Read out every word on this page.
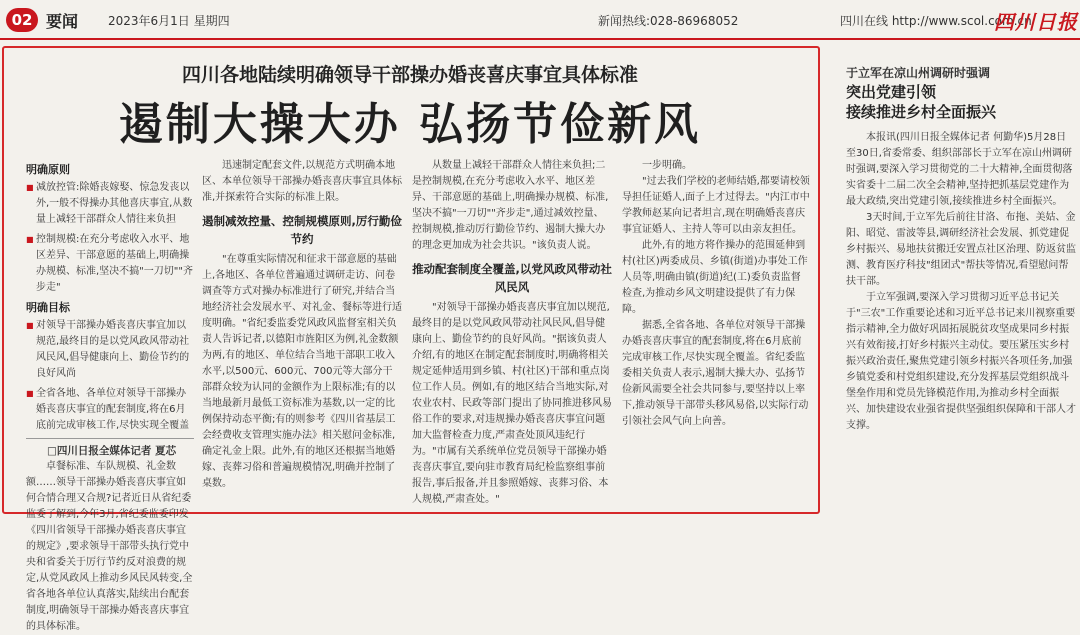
02 要闻 2023年6月1日 星期四	新闻热线:028-86968052	四川在线 http://www.scol.com.cn
四川日报
四川各地陆续明确领导干部操办婚丧喜庆事宜具体标准
遏制大操大办 弘扬节俭新风
明确原则

■ 减放控管:除婚丧嫁娶、惊急发丧以外,一般不得操办其他喜庆事宜,从数量上减轻干部群众人情往来负担

■ 控制规模:在充分考虑收入水平、地区差异、干部意愿的基础上,明确操办规模、标准,坚决不搞"一刀切""齐步走"

明确目标

■ 对领导干部操办婚丧喜庆事宜加以规范,最终目的是以党风政风带动社风民风,倡导健康向上、勤俭节约的良好风尚

■ 全省各地、各单位对领导干部操办婚丧喜庆事宜的配套制度,将在6月底前完成审核工作,尽快实现全覆盖

□四川日报全媒体记者 夏芯

卓餐标准、车队规模、礼金数额……领导干部操办婚丧喜庆事宜如何合情合理又合规?记者近日从省纪委监委了解到,今年3月,省纪委监委印发《四川省领导干部操办婚丧喜庆事宜的规定》,要求领导干部带头执行党中央和省委关于厉行节约反对浪费的规定,从党风政风上推动乡风民风转变,全省各地各单位认真落实,陆续出台配套制度,明确领导干部操办婚丧喜庆事宜的具体标准。

迅速制定配套文件,以规范方式明确本地区、本单位领导干部操办婚丧喜庆事宜具体标准,并探索符合实际的标准上限。

遏制减效控量、控制规模原则,厉行勤俭节约

"在尊重实际情况和征求干部意愿的基础上,各地区、各单位普遍通过调研走访、问卷调查等方式对操办标准进行了研究,并结合当地经济社会发展水平、对礼金、餐标等进行适度明确。"省纪委监委党风政风监督室相关负责人告诉记者,以德阳市旌阳区为例,礼金数额为两,有的地区、单位结合当地干部职工收入水平,以500元、600元、700元等大部分干部群众较为认同的金额作为上限标准;有的以当地最新月最低工资标准为基数,以一定的比例保持动态平衡;有的则参考《四川省基层工会经费收支管理实施办法》相关慰问金标准,确定礼金上限。此外,有的地区还根据当地婚嫁、丧葬习俗和普遍规模情况,明确并控制了桌数。

从数量上减轻干部群众人情往来负担;二是控制规模,在充分考虑收入水平、地区差异、干部意愿的基础上,明确操办规模、标准,坚决不搞"一刀切""齐步走",通过减效控量、控制规模,推动厉行勤俭节约、遏制大操大办的理念更加成为社会共识。"该负责人说。

推动配套制度全覆盖,以党风政风带动社风民风

"对领导干部操办婚丧喜庆事宜加以规范,最终目的是以党风政风带动社风民风,倡导健康向上、勤俭节约的良好风尚。"据该负责人介绍,有的地区在制定配套制度时,明确将相关规定延伸适用到乡镇、村(社区)干部和重点岗位工作人员。例如,有的地区结合当地实际,对农业农村、民政等部门提出了协同推进移风易俗工作的要求,对违规操办婚丧喜庆事宜问题加大监督检查力度,严肃查处顶风违纪行为。"市属有关系统单位党员领导干部操办婚丧喜庆事宜,要向驻市教育局纪检监察组事前报告,事后报备,并且参照婚嫁、丧葬习俗、本人规模,严肃查处。"

一步明确。

"过去我们学校的老师结婚,都要请校领导担任证婚人,面子上才过得去。"内江市中学教师赵某向记者坦言,现在明确婚丧喜庆事宜证婚人、主持人等可以由亲友担任。

此外,有的地方将作操办的范围延伸到村(社区)两委成员、乡镇(街道)办事处工作人员等,明确由镇(街道)纪(工)委负责监督检查,为推动乡风文明建设提供了有力保障。

据悉,全省各地、各单位对领导干部操办婚丧喜庆事宜的配套制度,将在6月底前完成审核工作,尽快实现全覆盖。省纪委监委相关负责人表示,遏制大操大办、弘扬节俭新风需要全社会共同参与,要坚持以上率下,推动领导干部带头移风易俗,以实际行动引领社会风气向上向善。

于立军在凉山州调研时强调
突出党建引领
接续推进乡村全面振兴

本报讯(四川日报全媒体记者 何勤华)5月28日至30日,省委常委、组织部部长于立军在凉山州调研时强调,要深入学习贯彻党的二十大精神,全面贯彻落实省委十二届二次全会精神,坚持把抓基层党建作为最大政绩,突出党建引领,接续推进乡村全面振兴。

3天时间,于立军先后前往甘洛、布拖、美姑、金阳、昭觉、雷波等县,调研经济社会发展、抓党建促乡村振兴、易地扶贫搬迁安置点社区治理、防返贫监测、教育医疗科技"组团式"帮扶等情况,看望慰问帮扶干部。

于立军强调,要深入学习贯彻习近平总书记关于"三农"工作重要论述和习近平总书记来川视察重要指示精神,全力做好巩固拓展脱贫攻坚成果同乡村振兴有效衔接,打好乡村振兴主动仗。要压紧压实乡村振兴政治责任,聚焦党建引领乡村振兴各项任务,加强乡镇党委和村党组织建设,充分发挥基层党组织战斗堡垒作用和党员先锋模范作用,为推动乡村全面振兴、加快建设农业强省提供坚强组织保障和干部人才支撑。
